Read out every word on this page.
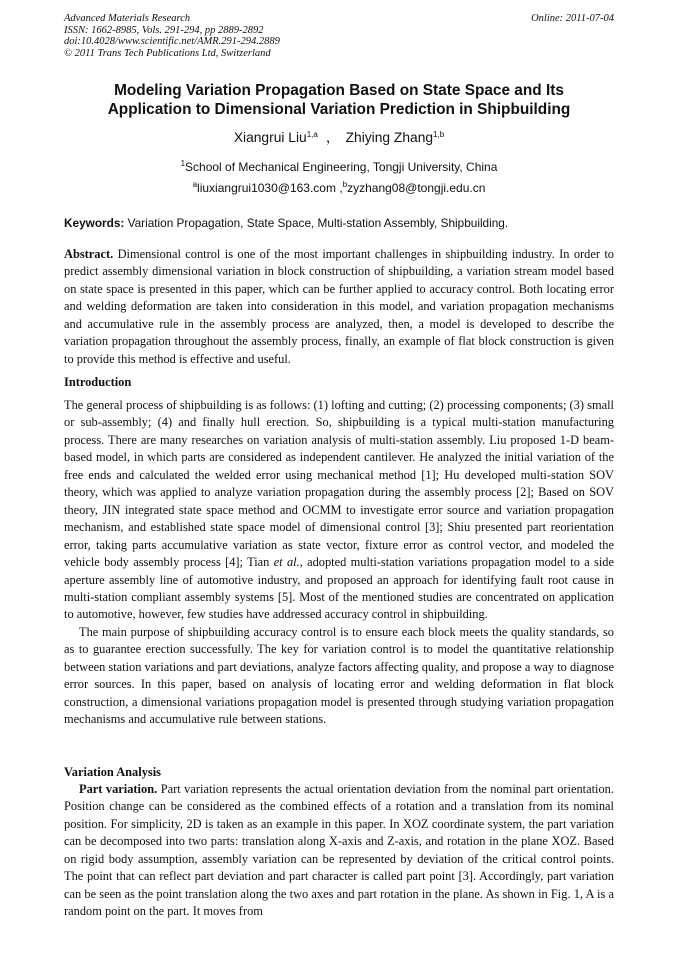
Advanced Materials Research
ISSN: 1662-8985, Vols. 291-294, pp 2889-2892
doi:10.4028/www.scientific.net/AMR.291-294.2889
© 2011 Trans Tech Publications Ltd, Switzerland
Online: 2011-07-04
Modeling Variation Propagation Based on State Space and Its
Application to Dimensional Variation Prediction in Shipbuilding
Xiangrui Liu$^{1,a}$ ， Zhiying Zhang$^{1,b}$
$^1$School of Mechanical Engineering, Tongji University, China
$^a$liuxiangrui1030@163.com ,$^b$zyzhang08@tongji.edu.cn
Keywords: Variation Propagation, State Space, Multi-station Assembly, Shipbuilding.
Abstract. Dimensional control is one of the most important challenges in shipbuilding industry. In order to predict assembly dimensional variation in block construction of shipbuilding, a variation stream model based on state space is presented in this paper, which can be further applied to accuracy control. Both locating error and welding deformation are taken into consideration in this model, and variation propagation mechanisms and accumulative rule in the assembly process are analyzed, then, a model is developed to describe the variation propagation throughout the assembly process, finally, an example of flat block construction is given to provide this method is effective and useful.
Introduction

The general process of shipbuilding is as follows: (1) lofting and cutting; (2) processing components; (3) small or sub-assembly; (4) and finally hull erection. So, shipbuilding is a typical multi-station manufacturing process. There are many researches on variation analysis of multi-station assembly. Liu proposed 1-D beam-based model, in which parts are considered as independent cantilever. He analyzed the initial variation of the free ends and calculated the welded error using mechanical method [1]; Hu developed multi-station SOV theory, which was applied to analyze variation propagation during the assembly process [2]; Based on SOV theory, JIN integrated state space method and OCMM to investigate error source and variation propagation mechanism, and established state space model of dimensional control [3]; Shiu presented part reorientation error, taking parts accumulative variation as state vector, fixture error as control vector, and modeled the vehicle body assembly process [4]; Tian et al., adopted multi-station variations propagation model to a side aperture assembly line of automotive industry, and proposed an approach for identifying fault root cause in multi-station compliant assembly systems [5]. Most of the mentioned studies are concentrated on application to automotive, however, few studies have addressed accuracy control in shipbuilding.

The main purpose of shipbuilding accuracy control is to ensure each block meets the quality standards, so as to guarantee erection successfully. The key for variation control is to model the quantitative relationship between station variations and part deviations, analyze factors affecting quality, and propose a way to diagnose error sources. In this paper, based on analysis of locating error and welding deformation in flat block construction, a dimensional variations propagation model is presented through studying variation propagation mechanisms and accumulative rule between stations.

Variation Analysis

Part variation. Part variation represents the actual orientation deviation from the nominal part orientation. Position change can be considered as the combined effects of a rotation and a translation from its nominal position. For simplicity, 2D is taken as an example in this paper. In XOZ coordinate system, the part variation can be decomposed into two parts: translation along X-axis and Z-axis, and rotation in the plane XOZ. Based on rigid body assumption, assembly variation can be represented by deviation of the critical control points. The point that can reflect part deviation and part character is called part point [3]. Accordingly, part variation can be seen as the point translation along the two axes and part rotation in the plane. As shown in Fig. 1, A is a random point on the part. It moves from
